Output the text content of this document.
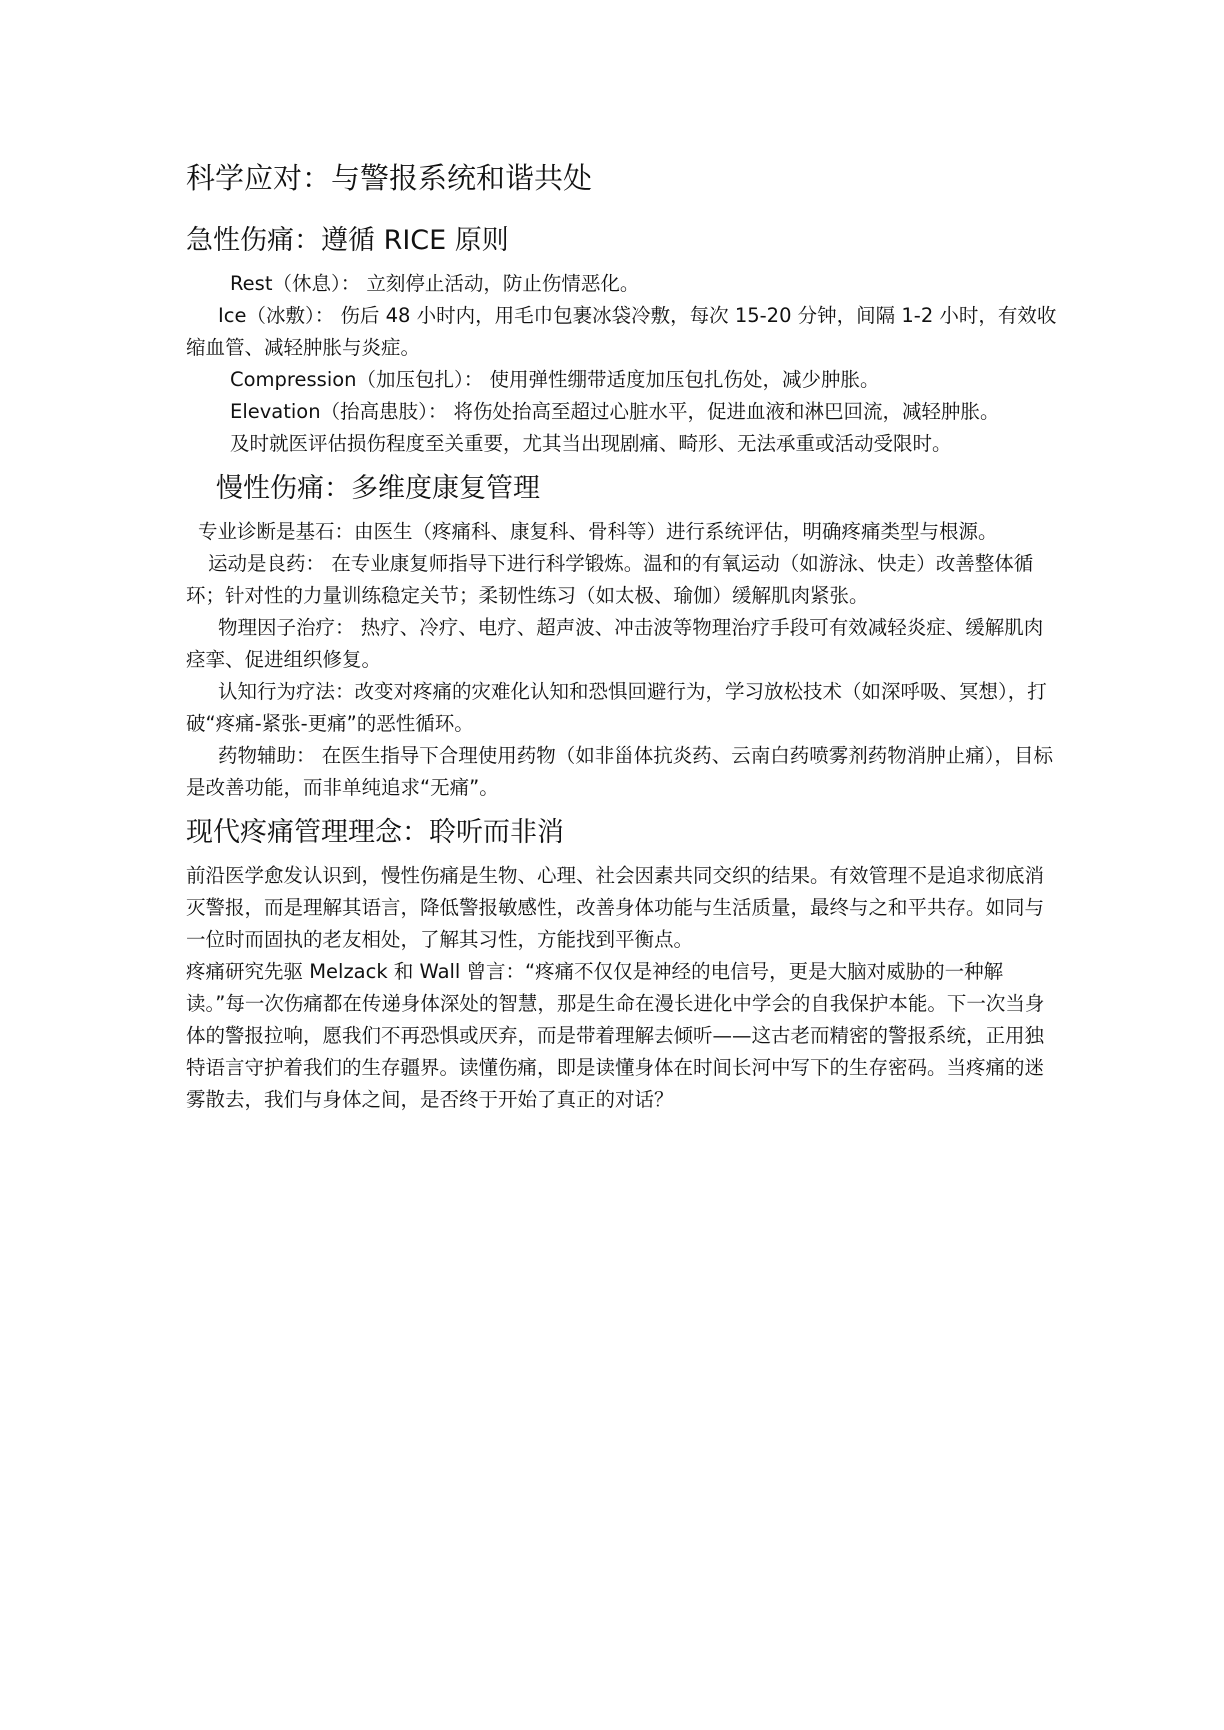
科学应对：与警报系统和谐共处
急性伤痛：遵循 RICE 原则

Rest（休息）： 立刻停止活动，防止伤情恶化。

Ice（冰敷）： 伤后 48 小时内，用毛巾包裹冰袋冷敷，每次 15-20 分钟，间隔 1-2 小时，有效收缩血管、减轻肿胀与炎症。

Compression（加压包扎）： 使用弹性绷带适度加压包扎伤处，减少肿胀。

Elevation（抬高患肢）： 将伤处抬高至超过心脏水平，促进血液和淋巴回流，减轻肿胀。

及时就医评估损伤程度至关重要，尤其当出现剧痛、畸形、无法承重或活动受限时。

慢性伤痛：多维度康复管理

专业诊断是基石：由医生（疼痛科、康复科、骨科等）进行系统评估，明确疼痛类型与根源。

运动是良药： 在专业康复师指导下进行科学锻炼。温和的有氧运动（如游泳、快走）改善整体循环；针对性的力量训练稳定关节；柔韧性练习（如太极、瑜伽）缓解肌肉紧张。

物理因子治疗： 热疗、冷疗、电疗、超声波、冲击波等物理治疗手段可有效减轻炎症、缓解肌肉痉挛、促进组织修复。

认知行为疗法：改变对疼痛的灾难化认知和恐惧回避行为，学习放松技术（如深呼吸、冥想），打破“疼痛-紧张-更痛”的恶性循环。

药物辅助： 在医生指导下合理使用药物（如非甾体抗炎药、云南白药喷雾剂药物消肿止痛），目标是改善功能，而非单纯追求“无痛”。

现代疼痛管理理念：聆听而非消

前沿医学愈发认识到，慢性伤痛是生物、心理、社会因素共同交织的结果。有效管理不是追求彻底消灭警报，而是理解其语言，降低警报敏感性，改善身体功能与生活质量，最终与之和平共存。如同与一位时而固执的老友相处，了解其习性，方能找到平衡点。

疼痛研究先驱 Melzack 和 Wall 曾言：“疼痛不仅仅是神经的电信号，更是大脑对威胁的一种解读。”每一次伤痛都在传递身体深处的智慧，那是生命在漫长进化中学会的自我保护本能。下一次当身体的警报拉响，愿我们不再恐惧或厌弃，而是带着理解去倾听——这古老而精密的警报系统，正用独特语言守护着我们的生存疆界。读懂伤痛，即是读懂身体在时间长河中写下的生存密码。当疼痛的迷雾散去，我们与身体之间，是否终于开始了真正的对话？
